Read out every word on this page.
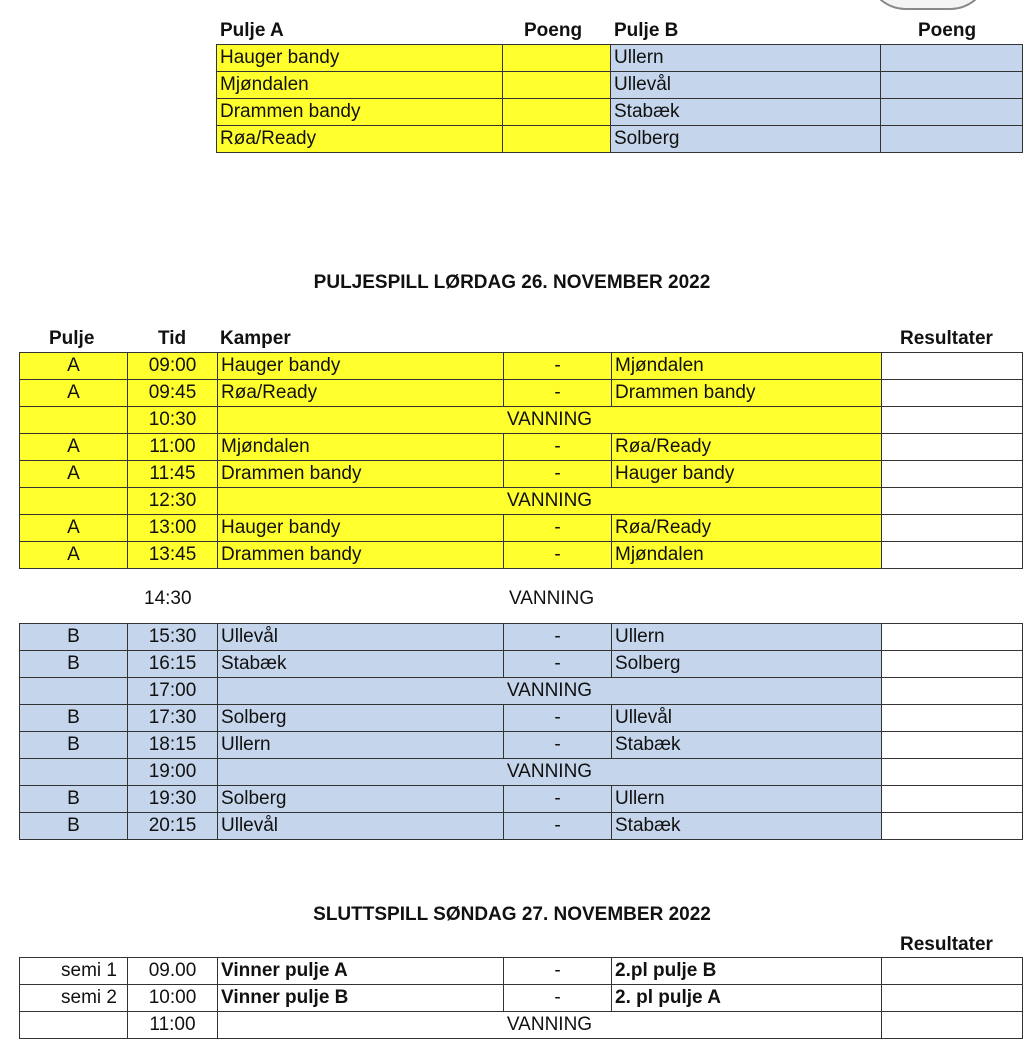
Pulje A	Poeng Pulje B	Poeng
Hauger bandy		Ullern	
Mjøndalen		Ullevål	
Drammen bandy		Stabæk	
Røa/Ready		Solberg	
PULJESPILL LØRDAG 26. NOVEMBER 2022
Pulje	Tid Kamper	Resultater
A	09:00	Hauger bandy	-	Mjøndalen	
A	09:45	Røa/Ready	-	Drammen bandy	
	10:30	VANNING			
A	11:00	Mjøndalen	-	Røa/Ready	
A	11:45	Drammen bandy	-	Hauger bandy	
	12:30	VANNING			
A	13:00	Hauger bandy	-	Røa/Ready	
A	13:45	Drammen bandy	-	Mjøndalen	
14:30	VANNING
B	15:30	Ullevål	-	Ullern	
B	16:15	Stabæk	-	Solberg	
	17:00	VANNING			
B	17:30	Solberg	-	Ullevål	
B	18:15	Ullern	-	Stabæk	
	19:00	VANNING			
B	19:30	Solberg	-	Ullern	
B	20:15	Ullevål	-	Stabæk	
SLUTTSPILL SØNDAG 27. NOVEMBER 2022
Resultater
semi 1	09.00	Vinner pulje A	-	2.pl pulje B	
semi 2	10:00	Vinner pulje B	-	2. pl pulje A	
	11:00	VANNING			
